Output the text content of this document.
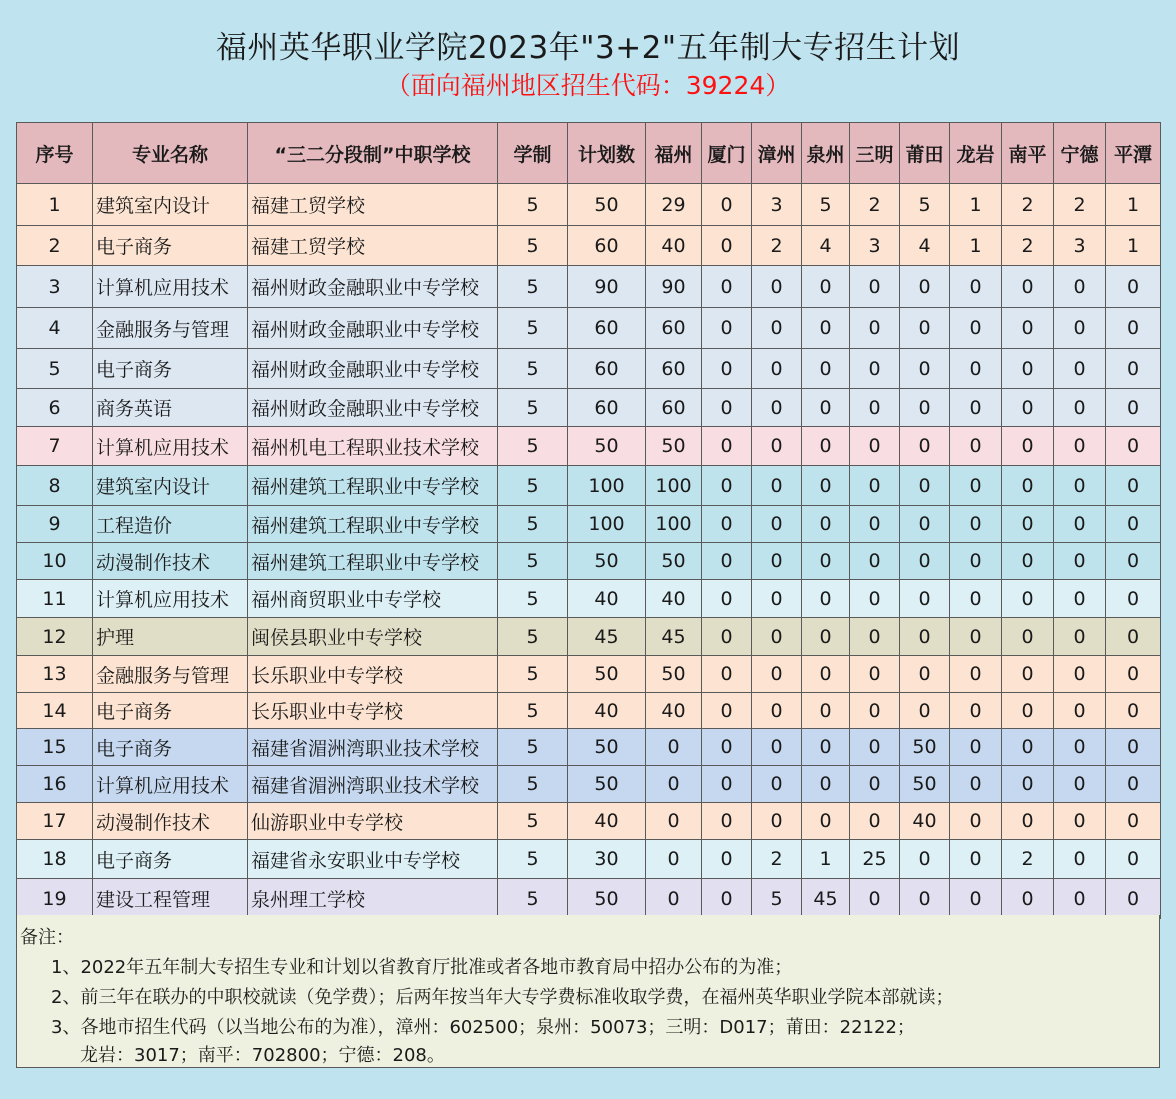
福州英华职业学院2023年"3+2"五年制大专招生计划
（面向福州地区招生代码：39224）
序号	专业名称	“三二分段制”中职学校	学制	计划数	福州	厦门	漳州	泉州	三明	莆田	龙岩	南平	宁德	平潭
1	建筑室内设计	福建工贸学校	5	50	29	0	3	5	2	5	1	2	2	1
2	电子商务	福建工贸学校	5	60	40	0	2	4	3	4	1	2	3	1
3	计算机应用技术	福州财政金融职业中专学校	5	90	90	0	0	0	0	0	0	0	0	0
4	金融服务与管理	福州财政金融职业中专学校	5	60	60	0	0	0	0	0	0	0	0	0
5	电子商务	福州财政金融职业中专学校	5	60	60	0	0	0	0	0	0	0	0	0
6	商务英语	福州财政金融职业中专学校	5	60	60	0	0	0	0	0	0	0	0	0
7	计算机应用技术	福州机电工程职业技术学校	5	50	50	0	0	0	0	0	0	0	0	0
8	建筑室内设计	福州建筑工程职业中专学校	5	100	100	0	0	0	0	0	0	0	0	0
9	工程造价	福州建筑工程职业中专学校	5	100	100	0	0	0	0	0	0	0	0	0
10	动漫制作技术	福州建筑工程职业中专学校	5	50	50	0	0	0	0	0	0	0	0	0
11	计算机应用技术	福州商贸职业中专学校	5	40	40	0	0	0	0	0	0	0	0	0
12	护理	闽侯县职业中专学校	5	45	45	0	0	0	0	0	0	0	0	0
13	金融服务与管理	长乐职业中专学校	5	50	50	0	0	0	0	0	0	0	0	0
14	电子商务	长乐职业中专学校	5	40	40	0	0	0	0	0	0	0	0	0
15	电子商务	福建省湄洲湾职业技术学校	5	50	0	0	0	0	0	50	0	0	0	0
16	计算机应用技术	福建省湄洲湾职业技术学校	5	50	0	0	0	0	0	50	0	0	0	0
17	动漫制作技术	仙游职业中专学校	5	40	0	0	0	0	0	40	0	0	0	0
18	电子商务	福建省永安职业中专学校	5	30	0	0	2	1	25	0	0	2	0	0
19	建设工程管理	泉州理工学校	5	50	0	0	5	45	0	0	0	0	0	0
备注：
1、2022年五年制大专招生专业和计划以省教育厅批准或者各地市教育局中招办公布的为准；
2、前三年在联办的中职校就读（免学费）；后两年按当年大专学费标准收取学费，在福州英华职业学院本部就读；
3、各地市招生代码（以当地公布的为准），漳州：602500；泉州：50073；三明：D017；莆田：22122；
龙岩：3017；南平：702800；宁德：208。
